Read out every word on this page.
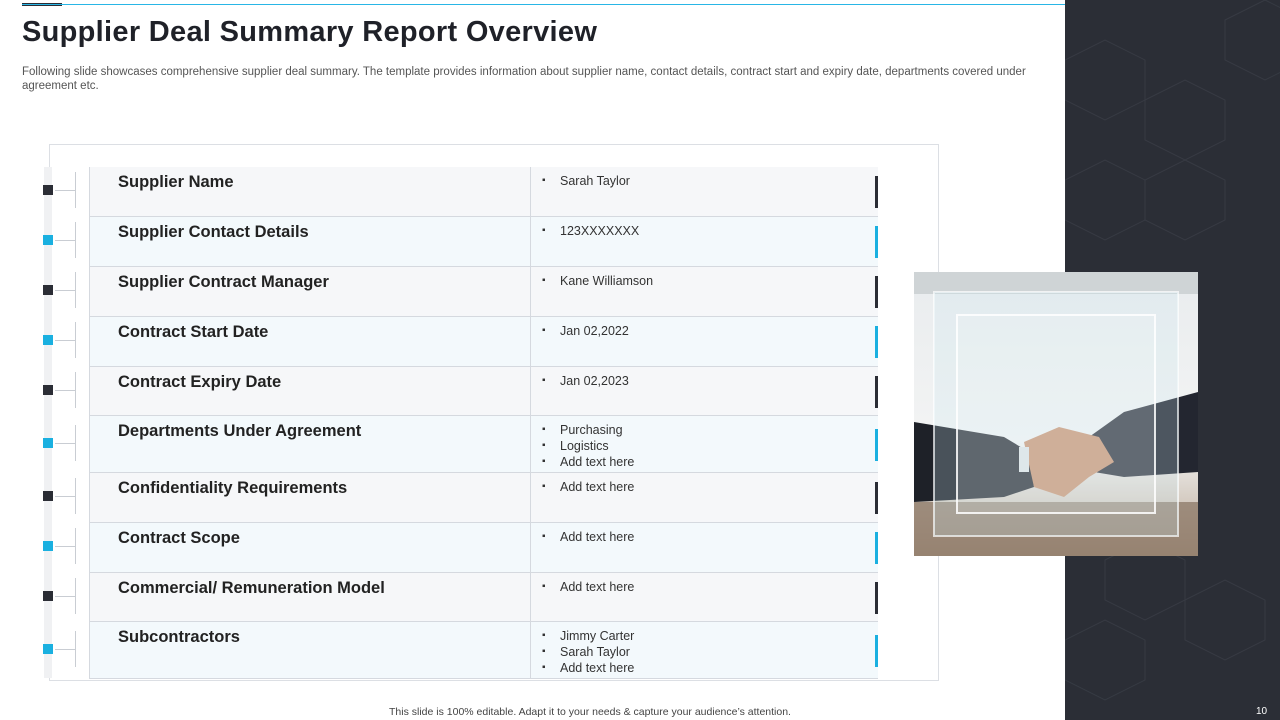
Supplier Deal Summary Report Overview

Following slide showcases comprehensive supplier deal summary. The template provides information about supplier name, contact details, contract start and expiry date, departments covered under agreement etc.

Supplier Name	▪ Sarah Taylor
Supplier Contact Details	▪ 123XXXXXXX
Supplier Contract Manager	▪ Kane Williamson
Contract Start Date	▪ Jan 02,2022
Contract Expiry Date	▪ Jan 02,2023
Departments Under Agreement	▪ Purchasing
▪ Logistics
▪ Add text here
Confidentiality Requirements	▪ Add text here
Contract Scope	▪ Add text here
Commercial/ Remuneration Model	▪ Add text here
Subcontractors	▪ Jimmy Carter
▪ Sarah Taylor
▪ Add text here
This slide is 100% editable. Adapt it to your needs & capture your audience’s attention.	10
